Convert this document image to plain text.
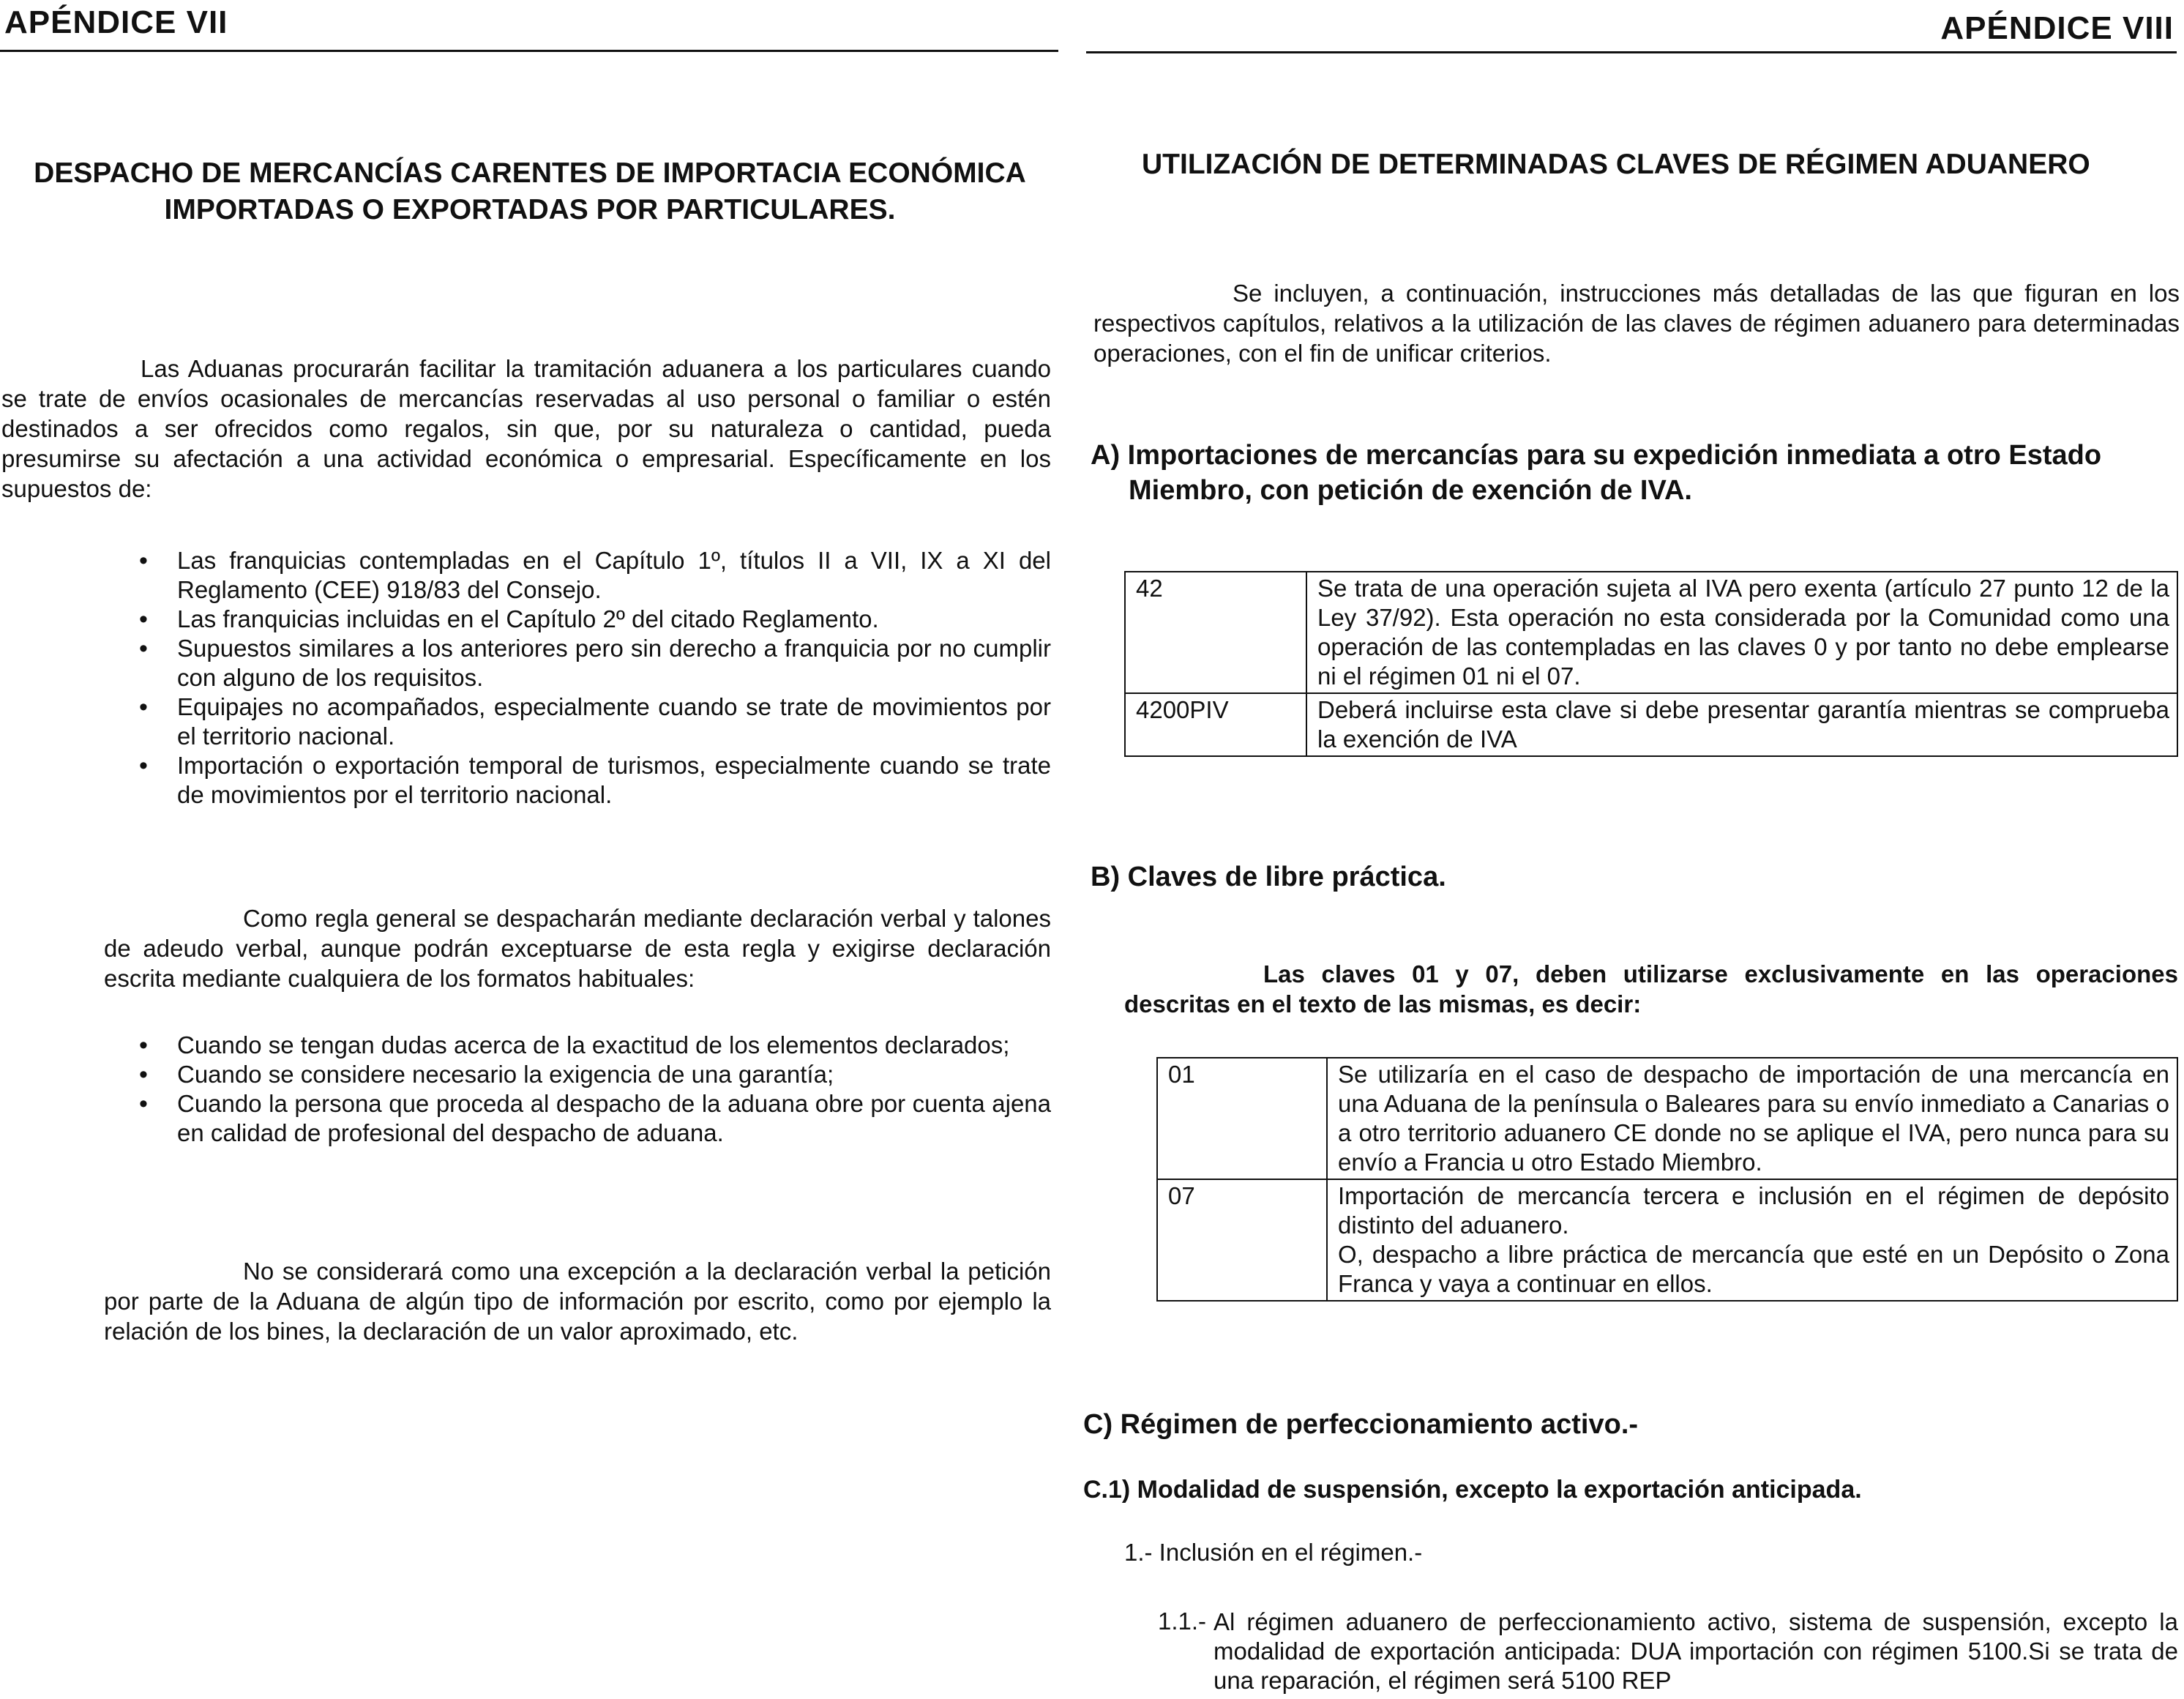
APÉNDICE VII
DESPACHO DE MERCANCÍAS CARENTES DE IMPORTACIA ECONÓMICA
IMPORTADAS O EXPORTADAS POR PARTICULARES.
Las Aduanas procurarán facilitar la tramitación aduanera a los particulares cuando se trate de envíos ocasionales de mercancías reservadas al uso personal o familiar o estén destinados a ser ofrecidos como regalos, sin que, por su naturaleza o cantidad, pueda presumirse su afectación a una actividad económica o empresarial. Específicamente en los supuestos de:
• Las franquicias contempladas en el Capítulo 1º, títulos II a VII, IX a XI del Reglamento (CEE) 918/83 del Consejo.
• Las franquicias incluidas en el Capítulo 2º del citado Reglamento.
• Supuestos similares a los anteriores pero sin derecho a franquicia por no cumplir con alguno de los requisitos.
• Equipajes no acompañados, especialmente cuando se trate de movimientos por el territorio nacional.
• Importación o exportación temporal de turismos, especialmente cuando se trate de movimientos por el territorio nacional.
Como regla general se despacharán mediante declaración verbal y talones de adeudo verbal, aunque podrán exceptuarse de esta regla y exigirse declaración escrita mediante cualquiera de los formatos habituales:
• Cuando se tengan dudas acerca de la exactitud de los elementos declarados;
• Cuando se considere necesario la exigencia de una garantía;
• Cuando la persona que proceda al despacho de la aduana obre por cuenta ajena en calidad de profesional del despacho de aduana.
No se considerará como una excepción a la declaración verbal la petición por parte de la Aduana de algún tipo de información por escrito, como por ejemplo la relación de los bines, la declaración de un valor aproximado, etc.
APÉNDICE VIII
UTILIZACIÓN DE DETERMINADAS CLAVES DE RÉGIMEN ADUANERO
Se incluyen, a continuación, instrucciones más detalladas de las que figuran en los respectivos capítulos, relativos a la utilización de las claves de régimen aduanero para determinadas operaciones, con el fin de unificar criterios.
A) Importaciones de mercancías para su expedición inmediata a otro Estado
Miembro, con petición de exención de IVA.
42	Se trata de una operación sujeta al IVA pero exenta (artículo 27 punto 12 de la Ley 37/92). Esta operación no esta considerada por la Comunidad como una operación de las contempladas en las claves 0 y por tanto no debe emplearse ni el régimen 01 ni el 07.
4200PIV	Deberá incluirse esta clave si debe presentar garantía mientras se comprueba la exención de IVA
B) Claves de libre práctica.
Las claves 01 y 07, deben utilizarse exclusivamente en las operaciones descritas en el texto de las mismas, es decir:
01	Se utilizaría en el caso de despacho de importación de una mercancía en una Aduana de la península o Baleares para su envío inmediato a Canarias o a otro territorio aduanero CE donde no se aplique el IVA, pero nunca para su envío a Francia u otro Estado Miembro.
07	Importación de mercancía tercera e inclusión en el régimen de depósito distinto del aduanero.
O, despacho a libre práctica de mercancía que esté en un Depósito o Zona Franca y vaya a continuar en ellos.
C) Régimen de perfeccionamiento activo.-
C.1) Modalidad de suspensión, excepto la exportación anticipada.
1.- Inclusión en el régimen.-
1.1.- Al régimen aduanero de perfeccionamiento activo, sistema de suspensión, excepto la modalidad de exportación anticipada: DUA importación con régimen 5100.Si se trata de una reparación, el régimen será 5100 REP
